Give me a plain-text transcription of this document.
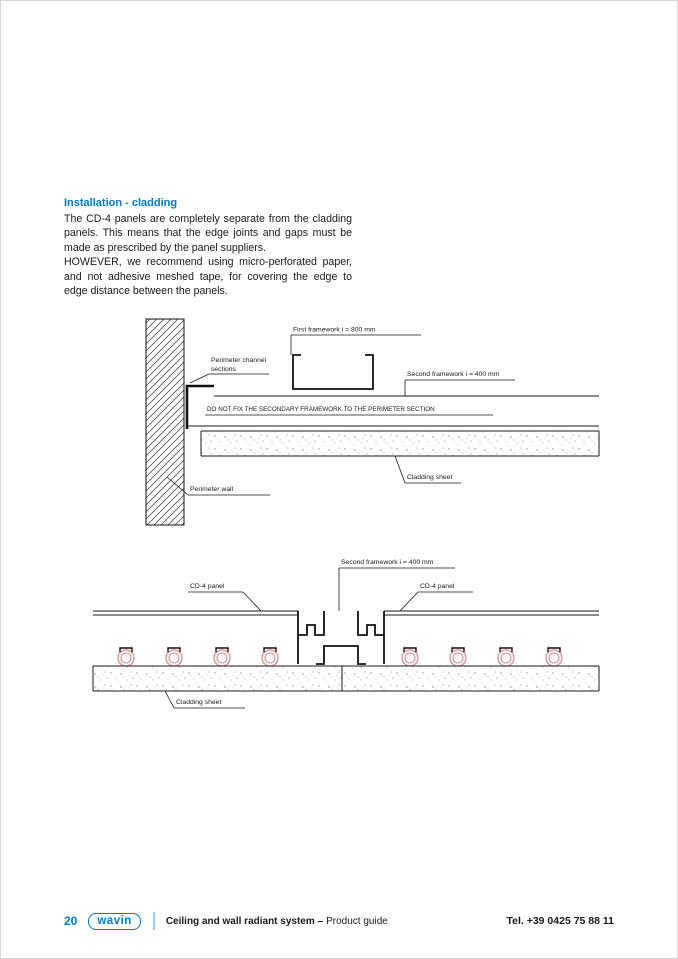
Installation - cladding

The CD-4 panels are completely separate from the cladding panels. This means that the edge joints and gaps must be made as prescribed by the panel suppliers.

HOWEVER, we recommend using micro-perforated paper, and not adhesive meshed tape, for covering the edge to edge distance between the panels.

First framework i = 800 mm
Perimeter channel
sections
Second framework i = 400 mm
DO NOT FIX THE SECONDARY FRAMEWORK TO THE PERIMETER SECTION
Cladding sheet
Perimeter wall
Second framework i = 400 mm
CD-4 panel	CD-4 panel
Cladding sheet
20	wavin	Ceiling and wall radiant system – Product guide	Tel. +39 0425 75 88 11
